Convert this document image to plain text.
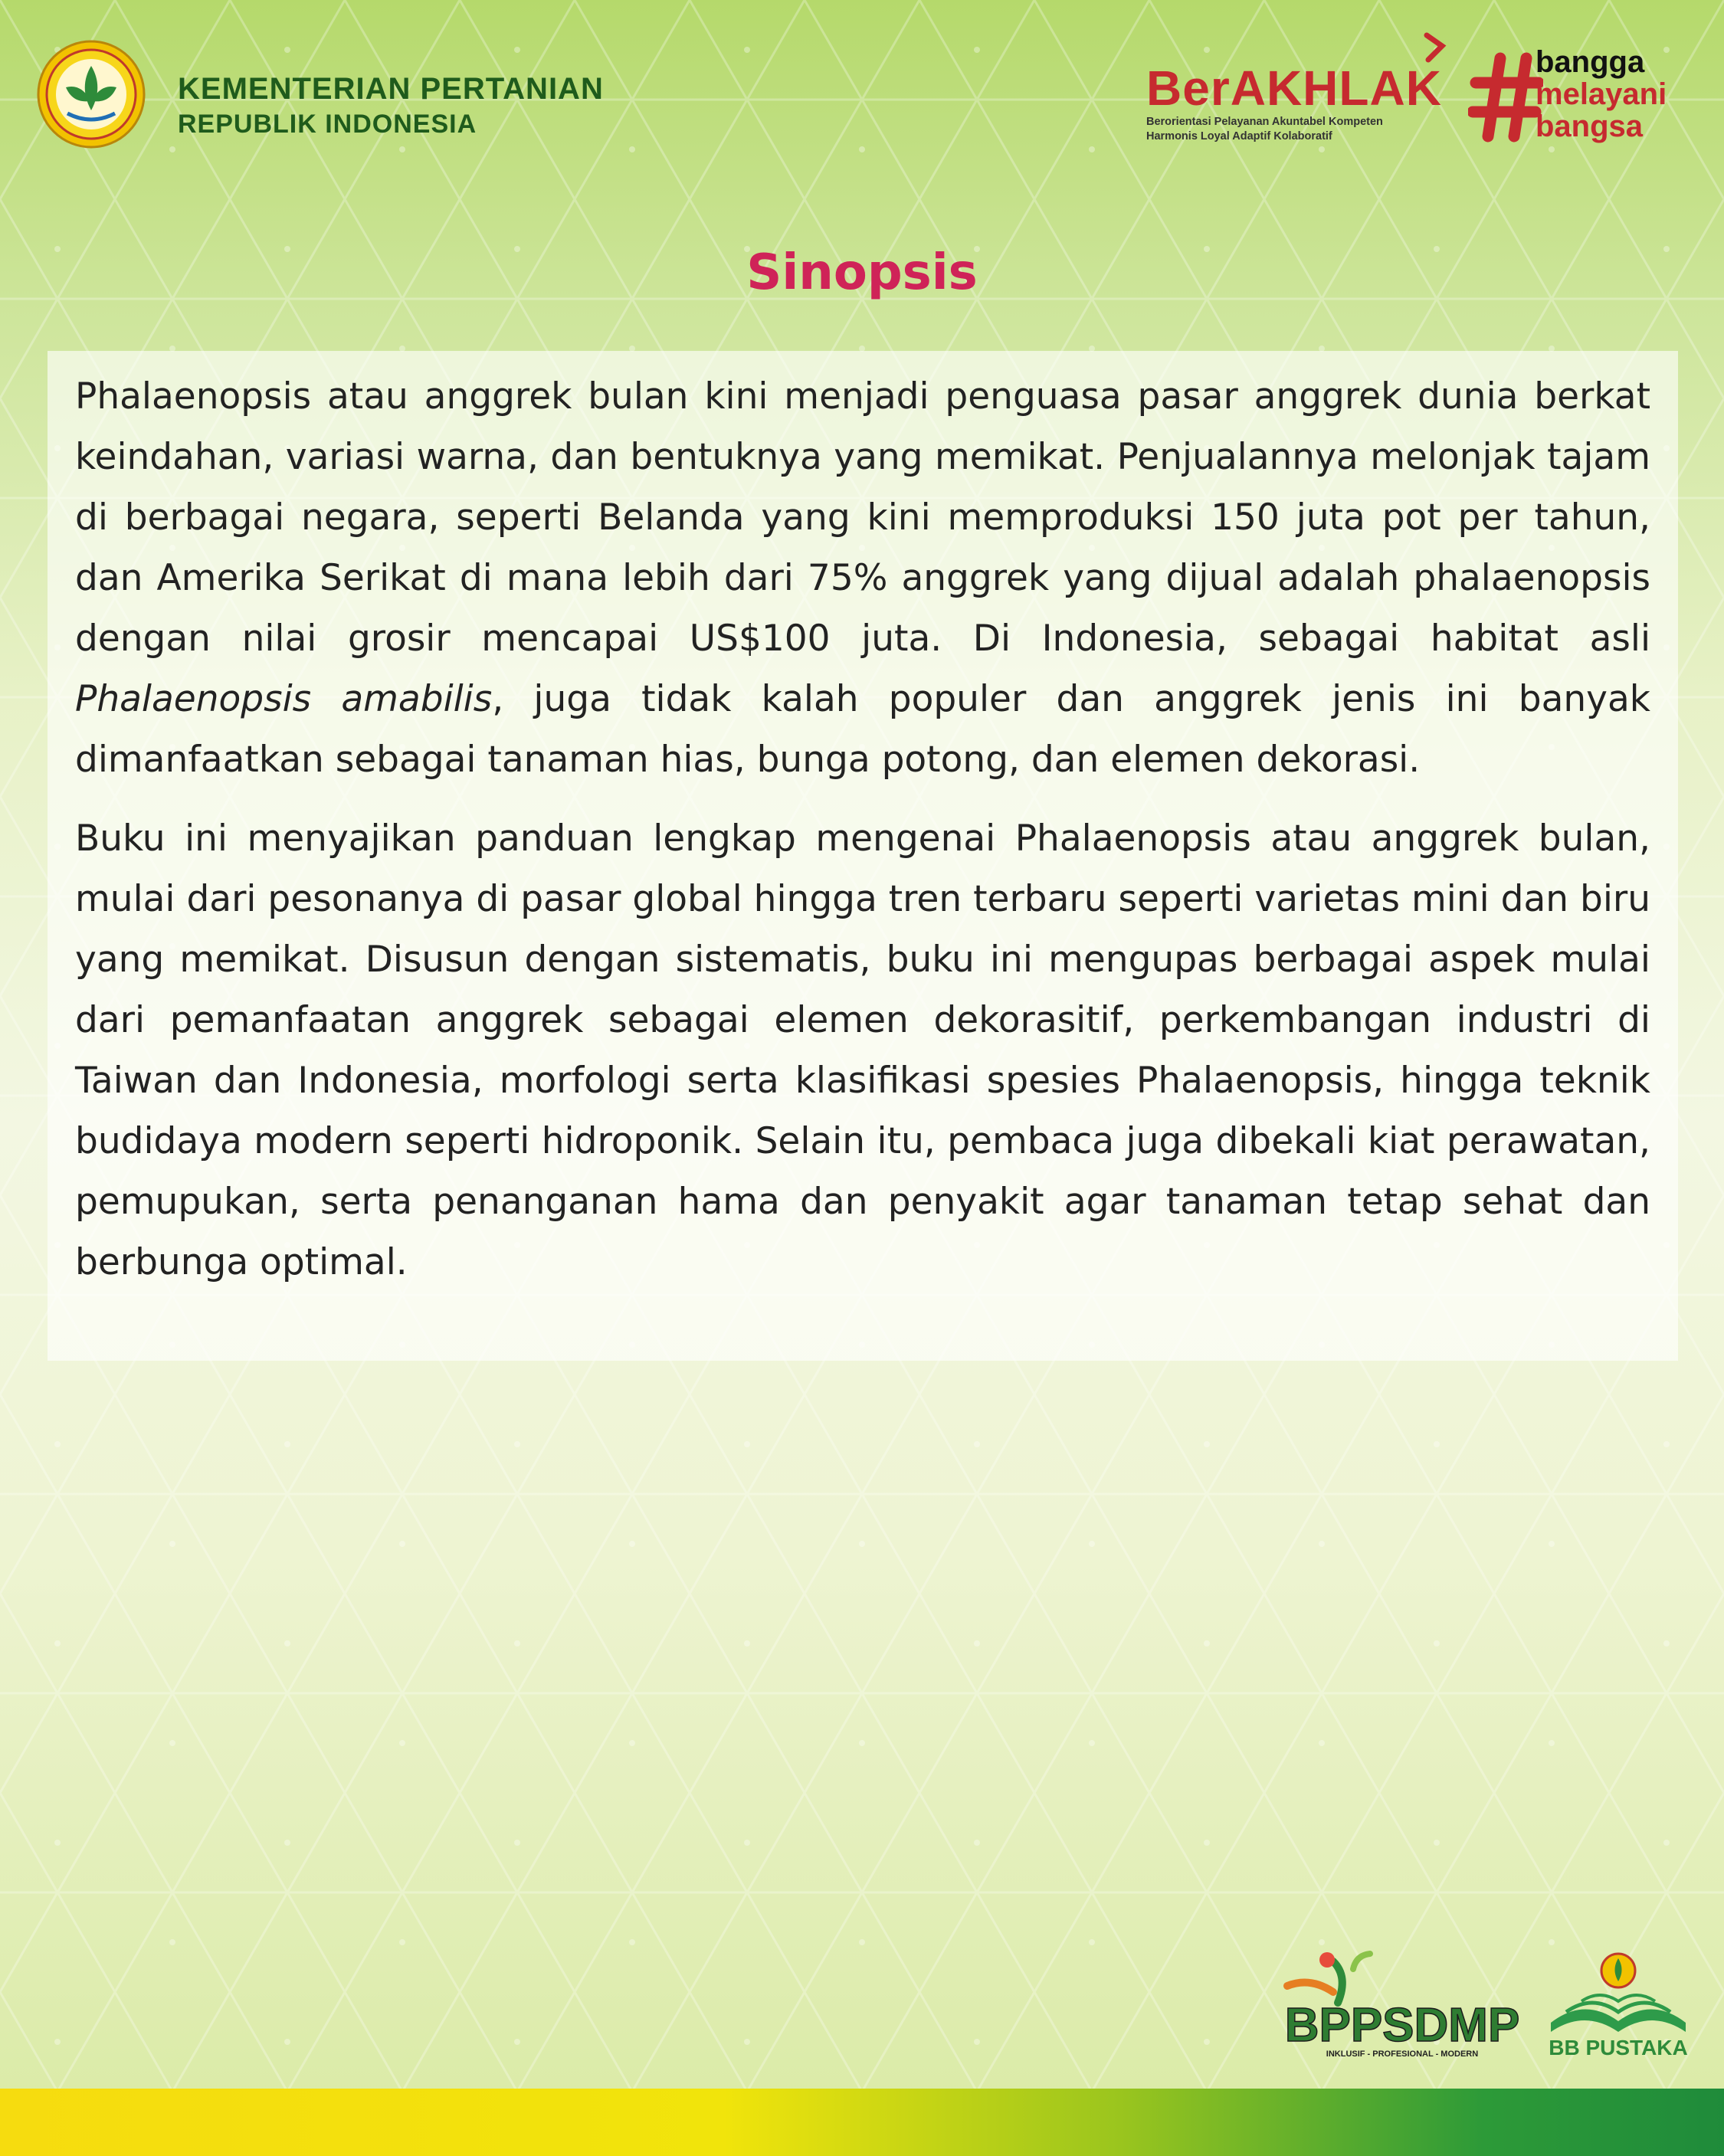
KEMENTERIAN PERTANIAN
REPUBLIK INDONESIA
BerAKHLAK
Berorientasi Pelayanan Akuntabel Kompeten
Harmonis Loyal Adaptif Kolaboratif
bangga
melayani
bangsa
Sinopsis

Phalaenopsis atau anggrek bulan kini menjadi penguasa pasar anggrek dunia berkat keindahan, variasi warna, dan bentuknya yang memikat. Penjualannya melonjak tajam di berbagai negara, seperti Belanda yang kini memproduksi 150 juta pot per tahun, dan Amerika Serikat di mana lebih dari 75% anggrek yang dijual adalah phalaenopsis dengan nilai grosir mencapai US$100 juta. Di Indonesia, sebagai habitat asli Phalaenopsis amabilis, juga tidak kalah populer dan anggrek jenis ini banyak dimanfaatkan sebagai tanaman hias, bunga potong, dan elemen dekorasi.

Buku ini menyajikan panduan lengkap mengenai Phalaenopsis atau anggrek bulan, mulai dari pesonanya di pasar global hingga tren terbaru seperti varietas mini dan biru yang memikat. Disusun dengan sistematis, buku ini mengupas berbagai aspek mulai dari pemanfaatan anggrek sebagai elemen dekorasitif, perkembangan industri di Taiwan dan Indonesia, morfologi serta klasifikasi spesies Phalaenopsis, hingga teknik budidaya modern seperti hidroponik. Selain itu, pembaca juga dibekali kiat perawatan, pemupukan, serta penanganan hama dan penyakit agar tanaman tetap sehat dan berbunga optimal.

BPPSDMP
INKLUSIF - PROFESIONAL - MODERN	BB PUSTAKA
